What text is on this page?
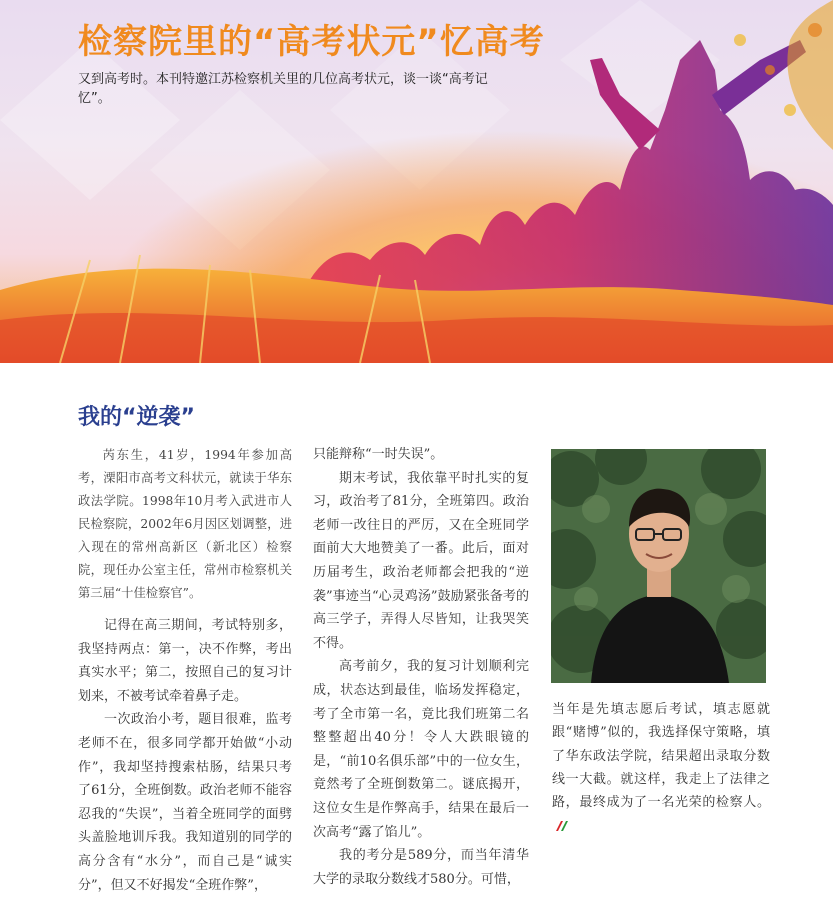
检察院里的“高考状元”忆高考
又到高考时。本刊特邀江苏检察机关里的几位高考状元，谈一谈“高考记忆”。
我的“逆袭”

芮东生，41岁，1994年参加高考，溧阳市高考文科状元，就读于华东政法学院。1998年10月考入武进市人民检察院，2002年6月因区划调整，进入现在的常州高新区（新北区）检察院，现任办公室主任，常州市检察机关第三届“十佳检察官”。

记得在高三期间，考试特别多，我坚持两点：第一，决不作弊，考出真实水平；第二，按照自己的复习计划来，不被考试牵着鼻子走。

一次政治小考，题目很难，监考老师不在，很多同学都开始做“小动作”，我却坚持搜索枯肠，结果只考了61分，全班倒数。政治老师不能容忍我的“失误”，当着全班同学的面劈头盖脸地训斥我。我知道别的同学的高分含有“水分”，而自己是“诚实分”，但又不好揭发“全班作弊”，

只能辩称“一时失误”。

期末考试，我依靠平时扎实的复习，政治考了81分，全班第四。政治老师一改往日的严厉，又在全班同学面前大大地赞美了一番。此后，面对历届考生，政治老师都会把我的“逆袭”事迹当“心灵鸡汤”鼓励紧张备考的高三学子，弄得人尽皆知，让我哭笑不得。

高考前夕，我的复习计划顺利完成，状态达到最佳，临场发挥稳定，考了全市第一名，竟比我们班第二名整整超出40分！令人大跌眼镜的是，“前10名俱乐部”中的一位女生，竟然考了全班倒数第二。谜底揭开，这位女生是作弊高手，结果在最后一次高考“露了馅儿”。

我的考分是589分，而当年清华大学的录取分数线才580分。可惜，

当年是先填志愿后考试，填志愿就跟“赌博”似的，我选择保守策略，填了华东政法学院，结果超出录取分数线一大截。就这样，我走上了法律之路，最终成为了一名光荣的检察人。
